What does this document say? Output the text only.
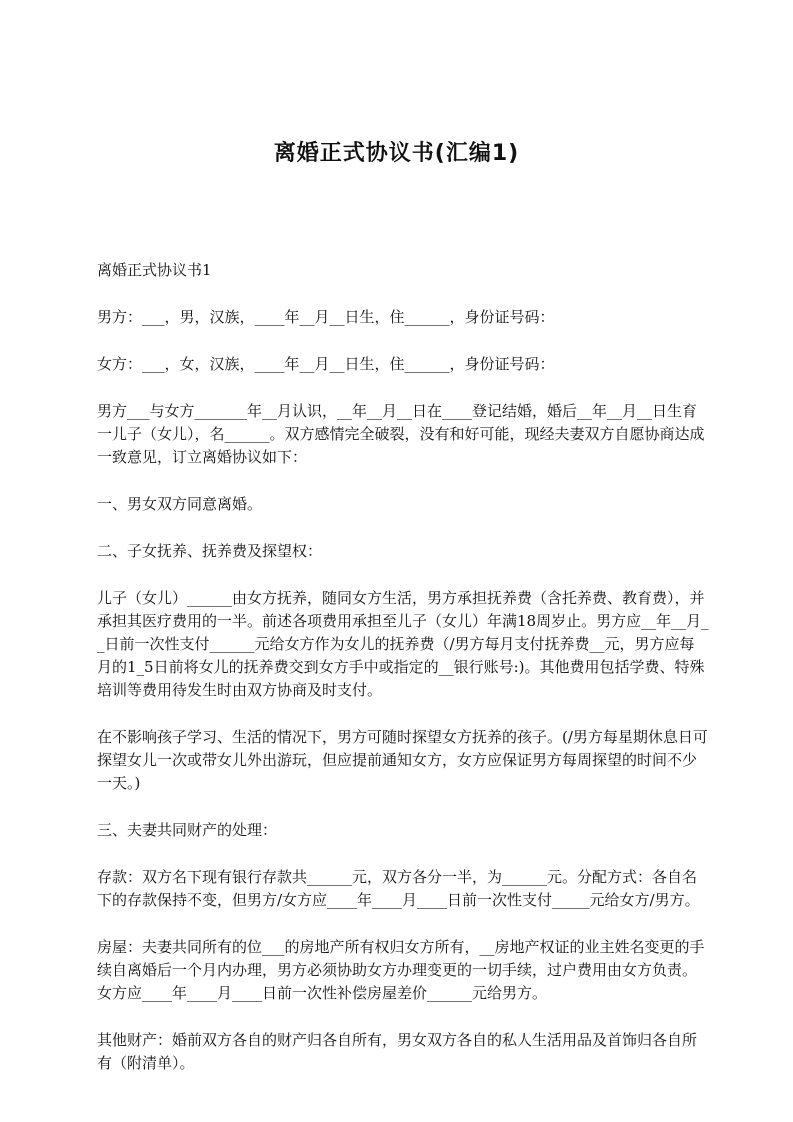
离婚正式协议书(汇编1)

离婚正式协议书1

男方：___，男，汉族，____年__月__日生，住______，身份证号码：

女方：___，女，汉族，____年__月__日生，住______，身份证号码：

男方___与女方_______年__月认识，__年__月__日在____登记结婚，婚后__年__月__日生育一儿子（女儿），名______。双方感情完全破裂，没有和好可能，现经夫妻双方自愿协商达成一致意见，订立离婚协议如下：

一、男女双方同意离婚。

二、子女抚养、抚养费及探望权：

儿子（女儿）______由女方抚养，随同女方生活，男方承担抚养费（含托养费、教育费），并承担其医疗费用的一半。前述各项费用承担至儿子（女儿）年满18周岁止。男方应__年__月__日前一次性支付______元给女方作为女儿的抚养费（/男方每月支付抚养费__元，男方应每月的1_5日前将女儿的抚养费交到女方手中或指定的__银行账号:)。其他费用包括学费、特殊培训等费用待发生时由双方协商及时支付。

在不影响孩子学习、生活的情况下，男方可随时探望女方抚养的孩子。(/男方每星期休息日可探望女儿一次或带女儿外出游玩，但应提前通知女方，女方应保证男方每周探望的时间不少一天。)

三、夫妻共同财产的处理：

存款：双方名下现有银行存款共______元，双方各分一半，为______元。分配方式：各自名下的存款保持不变，但男方/女方应____年____月____日前一次性支付_____元给女方/男方。

房屋：夫妻共同所有的位___的房地产所有权归女方所有，__房地产权证的业主姓名变更的手续自离婚后一个月内办理，男方必须协助女方办理变更的一切手续，过户费用由女方负责。女方应____年____月____日前一次性补偿房屋差价______元给男方。

其他财产：婚前双方各自的财产归各自所有，男女双方各自的私人生活用品及首饰归各自所有（附清单）。
